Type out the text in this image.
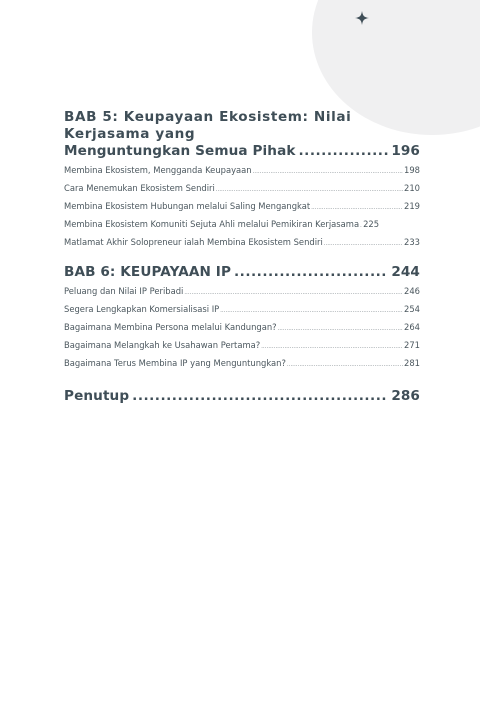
BAB 5: Keupayaan Ekosistem: Nilai Kerjasama yang
Menguntungkan Semua Pihak .....	196
Membina Ekosistem, Mengganda Keupayaan .....	198
Cara Menemukan Ekosistem Sendiri .....	210
Membina Ekosistem Hubungan melalui Saling Mengangkat .....	219
Membina Ekosistem Komuniti Sejuta Ahli melalui Pemikiran Kerjasama ..... 225
Matlamat Akhir Solopreneur ialah Membina Ekosistem Sendiri .....	233
BAB 6: KEUPAYAAN IP .....	244
Peluang dan Nilai IP Peribadi .....	246
Segera Lengkapkan Komersialisasi IP .....	254
Bagaimana Membina Persona melalui Kandungan? .....	264
Bagaimana Melangkah ke Usahawan Pertama? .....	271
Bagaimana Terus Membina IP yang Menguntungkan? .....	281
Penutup .....	286
